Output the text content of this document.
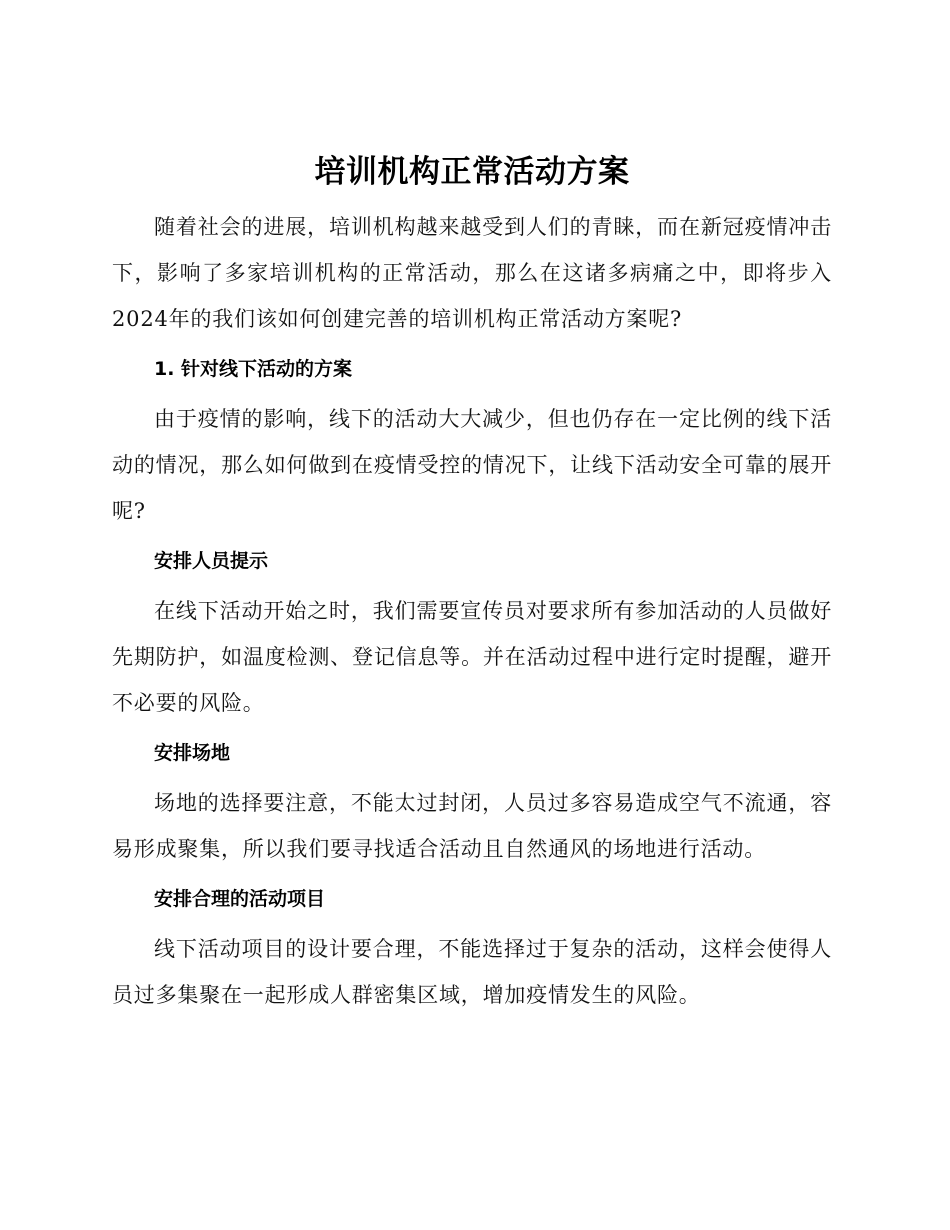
培训机构正常活动方案

随着社会的进展，培训机构越来越受到人们的青睐，而在新冠疫情冲击下，影响了多家培训机构的正常活动，那么在这诸多病痛之中，即将步入2024年的我们该如何创建完善的培训机构正常活动方案呢?

1. 针对线下活动的方案

由于疫情的影响，线下的活动大大减少，但也仍存在一定比例的线下活动的情况，那么如何做到在疫情受控的情况下，让线下活动安全可靠的展开呢?

安排人员提示

在线下活动开始之时，我们需要宣传员对要求所有参加活动的人员做好先期防护，如温度检测、登记信息等。并在活动过程中进行定时提醒，避开不必要的风险。

安排场地

场地的选择要注意，不能太过封闭，人员过多容易造成空气不流通，容易形成聚集，所以我们要寻找适合活动且自然通风的场地进行活动。

安排合理的活动项目

线下活动项目的设计要合理，不能选择过于复杂的活动，这样会使得人员过多集聚在一起形成人群密集区域，增加疫情发生的风险。
